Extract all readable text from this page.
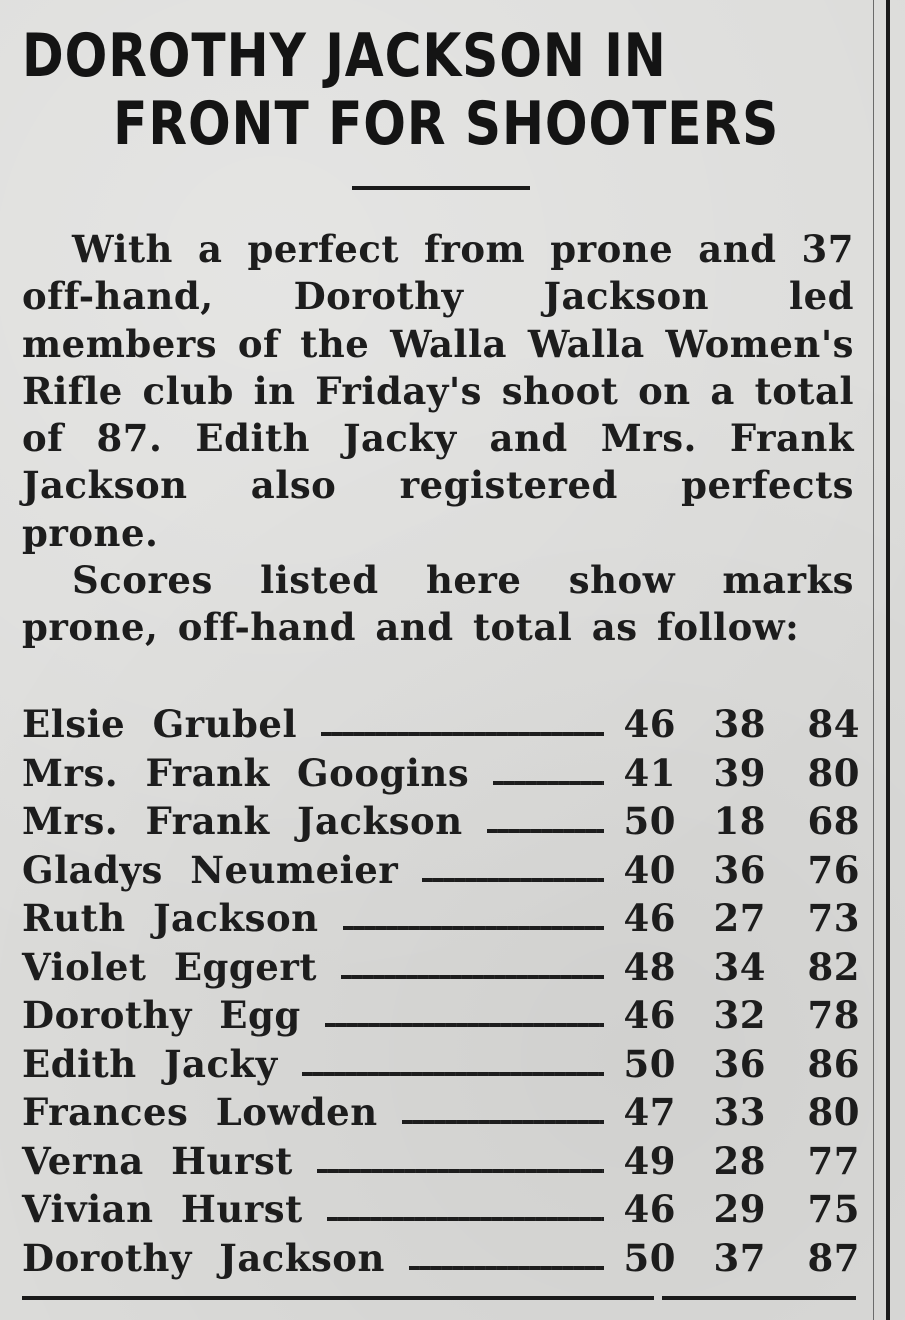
DOROTHY JACKSON IN
FRONT FOR SHOOTERS

With a perfect from prone and 37 off-hand, Dorothy Jackson led members of the Walla Walla Women's Rifle club in Friday's shoot on a total of 87. Edith Jacky and Mrs. Frank Jackson also registered perfects prone.

Scores listed here show marks prone, off-hand and total as follow:

Elsie Grubel	46 38 84
Mrs. Frank Googins	41 39 80
Mrs. Frank Jackson	50 18 68
Gladys Neumeier	40 36 76
Ruth Jackson	46 27 73
Violet Eggert	48 34 82
Dorothy Egg	46 32 78
Edith Jacky	50 36 86
Frances Lowden	47 33 80
Verna Hurst	49 28 77
Vivian Hurst	46 29 75
Dorothy Jackson	50 37 87
